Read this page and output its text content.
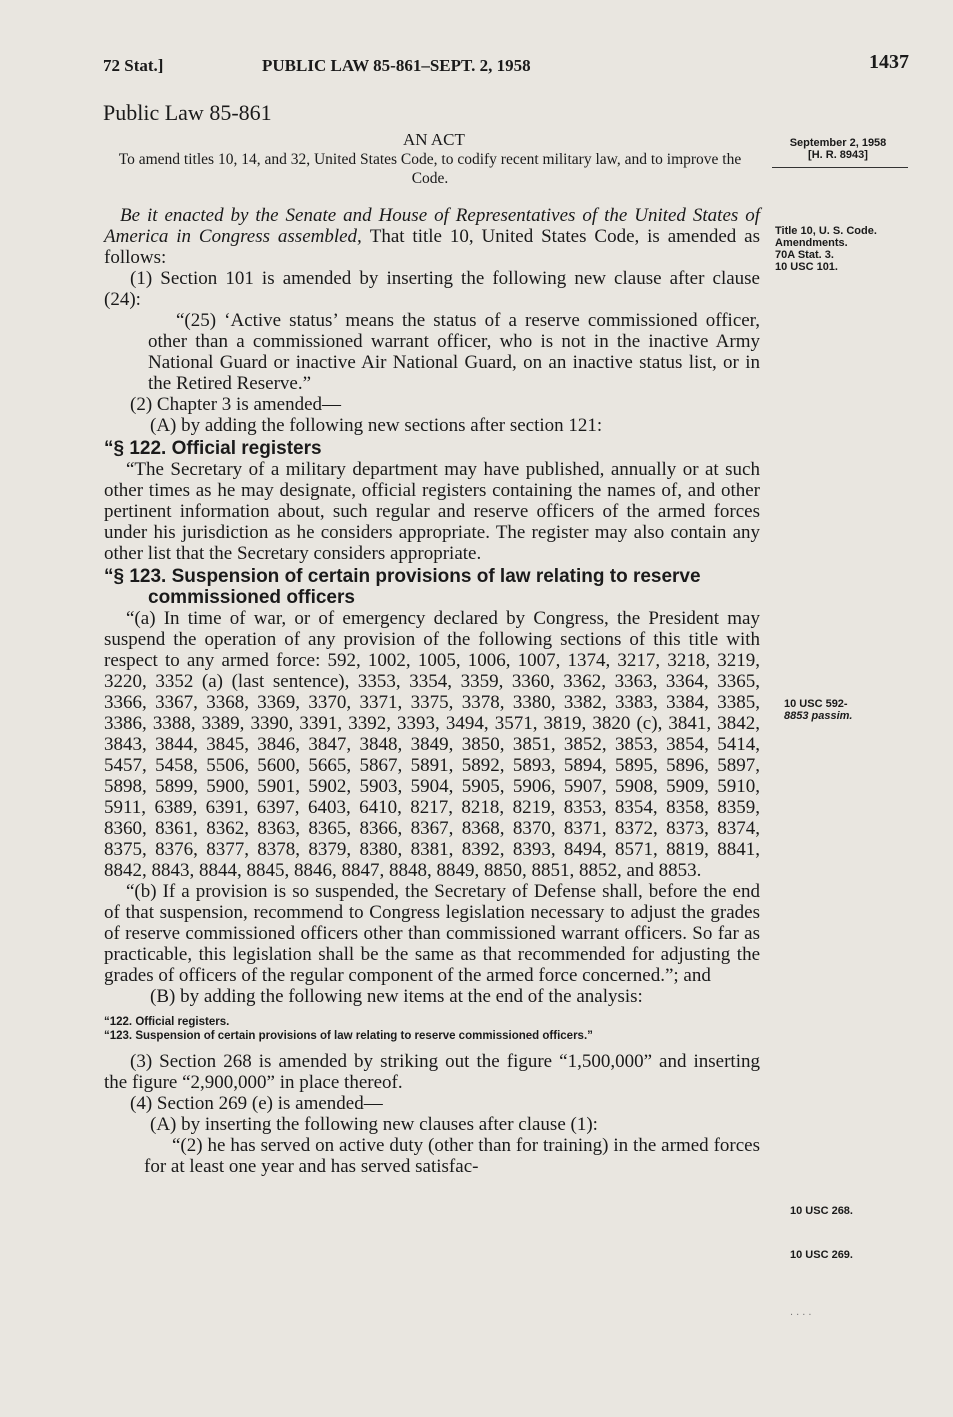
72 Stat.]	PUBLIC LAW 85-861–SEPT. 2, 1958	1437
Public Law 85-861
AN ACT
To amend titles 10, 14, and 32, United States Code, to codify recent military law, and to improve the Code.
September 2, 1958
[H. R. 8943]
Title 10, U. S. Code.
Amendments.
70A Stat. 3.
10 USC 101.
10 USC 592-
8853 passim.
10 USC 268.
10 USC 269.
. . . .

Be it enacted by the Senate and House of Representatives of the United States of America in Congress assembled, That title 10, United States Code, is amended as follows:

(1) Section 101 is amended by inserting the following new clause after clause (24):

“(25) ‘Active status’ means the status of a reserve commissioned officer, other than a commissioned warrant officer, who is not in the inactive Army National Guard or inactive Air National Guard, on an inactive status list, or in the Retired Reserve.”

(2) Chapter 3 is amended—

(A) by adding the following new sections after section 121:

“§ 122. Official registers

“The Secretary of a military department may have published, annually or at such other times as he may designate, official registers containing the names of, and other pertinent information about, such regular and reserve officers of the armed forces under his jurisdiction as he considers appropriate. The register may also contain any other list that the Secretary considers appropriate.

“§ 123. Suspension of certain provisions of law relating to reserve
commissioned officers

“(a) In time of war, or of emergency declared by Congress, the President may suspend the operation of any provision of the following sections of this title with respect to any armed force: 592, 1002, 1005, 1006, 1007, 1374, 3217, 3218, 3219, 3220, 3352 (a) (last sentence), 3353, 3354, 3359, 3360, 3362, 3363, 3364, 3365, 3366, 3367, 3368, 3369, 3370, 3371, 3375, 3378, 3380, 3382, 3383, 3384, 3385, 3386, 3388, 3389, 3390, 3391, 3392, 3393, 3494, 3571, 3819, 3820 (c), 3841, 3842, 3843, 3844, 3845, 3846, 3847, 3848, 3849, 3850, 3851, 3852, 3853, 3854, 5414, 5457, 5458, 5506, 5600, 5665, 5867, 5891, 5892, 5893, 5894, 5895, 5896, 5897, 5898, 5899, 5900, 5901, 5902, 5903, 5904, 5905, 5906, 5907, 5908, 5909, 5910, 5911, 6389, 6391, 6397, 6403, 6410, 8217, 8218, 8219, 8353, 8354, 8358, 8359, 8360, 8361, 8362, 8363, 8365, 8366, 8367, 8368, 8370, 8371, 8372, 8373, 8374, 8375, 8376, 8377, 8378, 8379, 8380, 8381, 8392, 8393, 8494, 8571, 8819, 8841, 8842, 8843, 8844, 8845, 8846, 8847, 8848, 8849, 8850, 8851, 8852, and 8853.

“(b) If a provision is so suspended, the Secretary of Defense shall, before the end of that suspension, recommend to Congress legislation necessary to adjust the grades of reserve commissioned officers other than commissioned warrant officers. So far as practicable, this legislation shall be the same as that recommended for adjusting the grades of officers of the regular component of the armed force concerned.”; and

(B) by adding the following new items at the end of the analysis:

“122. Official registers.

“123. Suspension of certain provisions of law relating to reserve commissioned officers.”

(3) Section 268 is amended by striking out the figure “1,500,000” and inserting the figure “2,900,000” in place thereof.

(4) Section 269 (e) is amended—

(A) by inserting the following new clauses after clause (1):

“(2) he has served on active duty (other than for training) in the armed forces for at least one year and has served satisfac-
